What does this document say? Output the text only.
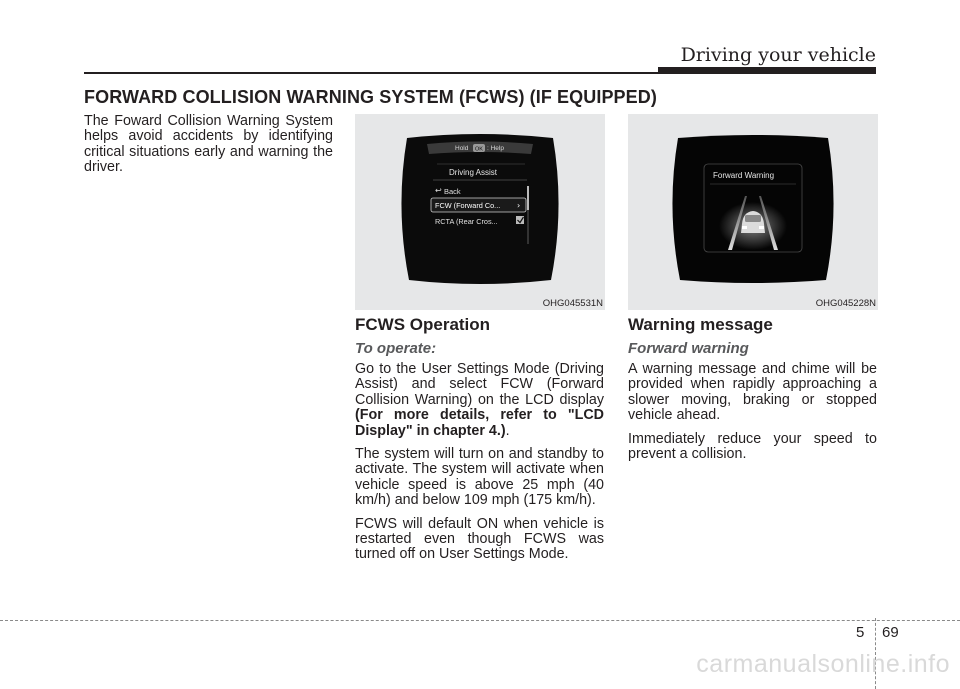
Driving your vehicle
FORWARD COLLISION WARNING SYSTEM (FCWS) (IF EQUIPPED)

The Foward Collision Warning System helps avoid accidents by identifying critical situations early and warning the driver.

Hold OK : Help
Driving Assist
↩ Back
FCW (Forward Co... ›
RCTA (Rear Cros...
OHG045531N
Forward Warning
OHG045228N
FCWS Operation
To operate:

Go to the User Settings Mode (Driving Assist) and select FCW (Forward Collision Warning) on the LCD display (For more details, refer to "LCD Display" in chapter 4.).

The system will turn on and standby to activate. The system will activate when vehicle speed is above 25 mph (40 km/h) and below 109 mph (175 km/h).

FCWS will default ON when vehicle is restarted even though FCWS was turned off on User Settings Mode.

Warning message
Forward warning

A warning message and chime will be provided when rapidly approaching a slower moving, braking or stopped vehicle ahead.

Immediately reduce your speed to prevent a collision.

5 69
carmanualsonline.info
